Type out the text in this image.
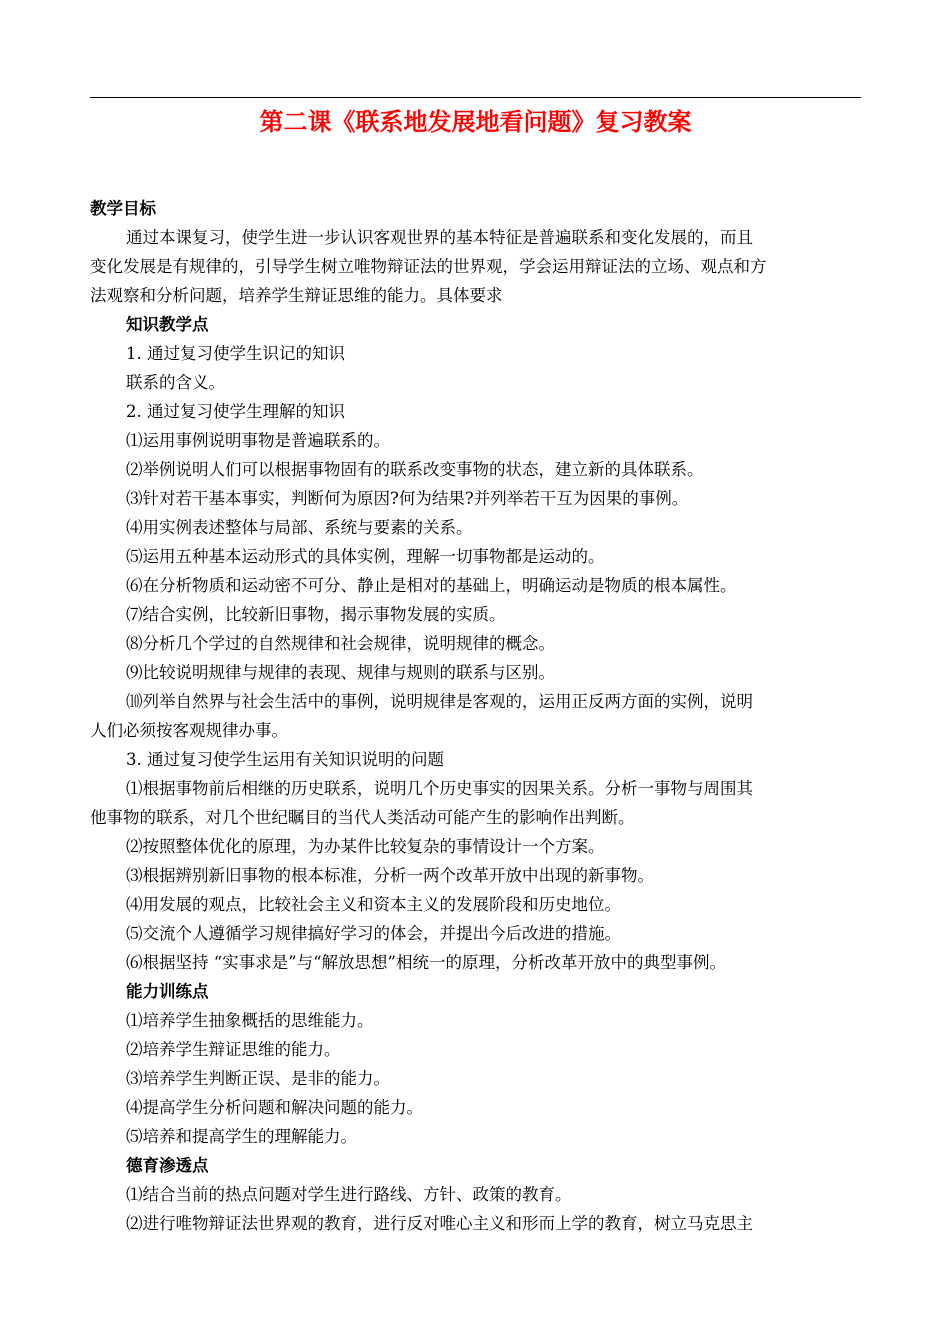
第二课《联系地发展地看问题》复习教案

教学目标

通过本课复习，使学生进一步认识客观世界的基本特征是普遍联系和变化发展的，而且

变化发展是有规律的，引导学生树立唯物辩证法的世界观，学会运用辩证法的立场、观点和方

法观察和分析问题，培养学生辩证思维的能力。具体要求

知识教学点

1. 通过复习使学生识记的知识

联系的含义。

2. 通过复习使学生理解的知识

⑴运用事例说明事物是普遍联系的。

⑵举例说明人们可以根据事物固有的联系改变事物的状态，建立新的具体联系。

⑶针对若干基本事实，判断何为原因?何为结果?并列举若干互为因果的事例。

⑷用实例表述整体与局部、系统与要素的关系。

⑸运用五种基本运动形式的具体实例，理解一切事物都是运动的。

⑹在分析物质和运动密不可分、静止是相对的基础上，明确运动是物质的根本属性。

⑺结合实例，比较新旧事物，揭示事物发展的实质。

⑻分析几个学过的自然规律和社会规律，说明规律的概念。

⑼比较说明规律与规律的表现、规律与规则的联系与区别。

⑽列举自然界与社会生活中的事例，说明规律是客观的，运用正反两方面的实例，说明

人们必须按客观规律办事。

3. 通过复习使学生运用有关知识说明的问题

⑴根据事物前后相继的历史联系，说明几个历史事实的因果关系。分析一事物与周围其

他事物的联系，对几个世纪瞩目的当代人类活动可能产生的影响作出判断。

⑵按照整体优化的原理，为办某件比较复杂的事情设计一个方案。

⑶根据辨别新旧事物的根本标准，分析一两个改革开放中出现的新事物。

⑷用发展的观点，比较社会主义和资本主义的发展阶段和历史地位。

⑸交流个人遵循学习规律搞好学习的体会，并提出今后改进的措施。

⑹根据坚持 “实事求是”与“解放思想”相统一的原理，分析改革开放中的典型事例。

能力训练点

⑴培养学生抽象概括的思维能力。

⑵培养学生辩证思维的能力。

⑶培养学生判断正误、是非的能力。

⑷提高学生分析问题和解决问题的能力。

⑸培养和提高学生的理解能力。

德育渗透点

⑴结合当前的热点问题对学生进行路线、方针、政策的教育。

⑵进行唯物辩证法世界观的教育，进行反对唯心主义和形而上学的教育，树立马克思主
